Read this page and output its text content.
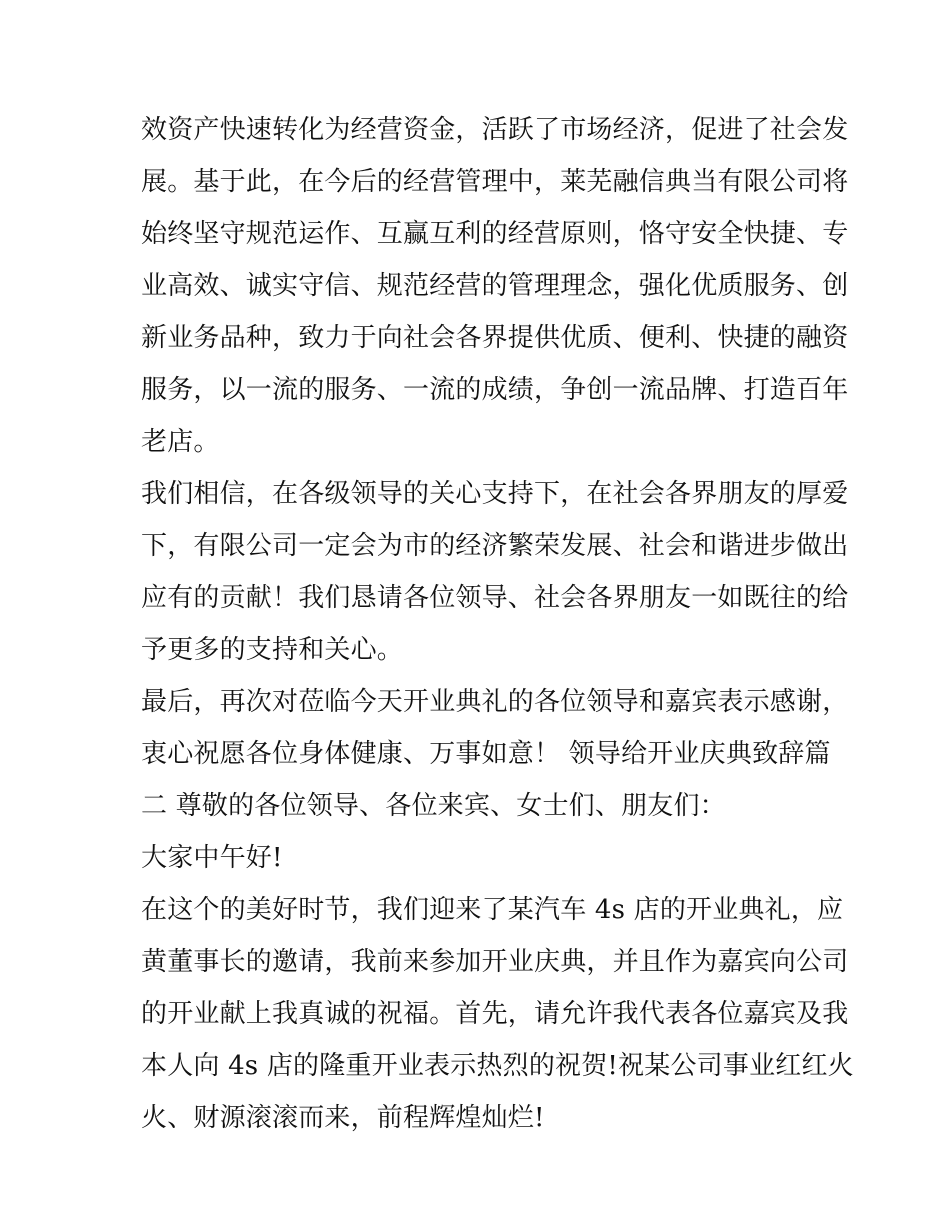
效资产快速转化为经营资金，活跃了市场经济，促进了社会发
展。基于此，在今后的经营管理中，莱芜融信典当有限公司将
始终坚守规范运作、互赢互利的经营原则，恪守安全快捷、专
业高效、诚实守信、规范经营的管理理念，强化优质服务、创
新业务品种，致力于向社会各界提供优质、便利、快捷的融资
服务，以一流的服务、一流的成绩，争创一流品牌、打造百年
老店。
我们相信，在各级领导的关心支持下，在社会各界朋友的厚爱
下，有限公司一定会为市的经济繁荣发展、社会和谐进步做出
应有的贡献！我们恳请各位领导、社会各界朋友一如既往的给
予更多的支持和关心。
最后，再次对莅临今天开业典礼的各位领导和嘉宾表示感谢，
衷心祝愿各位身体健康、万事如意！ 领导给开业庆典致辞篇
二 尊敬的各位领导、各位来宾、女士们、朋友们：
大家中午好!
在这个的美好时节，我们迎来了某汽车 4s 店的开业典礼，应
黄董事长的邀请，我前来参加开业庆典，并且作为嘉宾向公司
的开业献上我真诚的祝福。首先，请允许我代表各位嘉宾及我
本人向 4s 店的隆重开业表示热烈的祝贺!祝某公司事业红红火
火、财源滚滚而来，前程辉煌灿烂!
